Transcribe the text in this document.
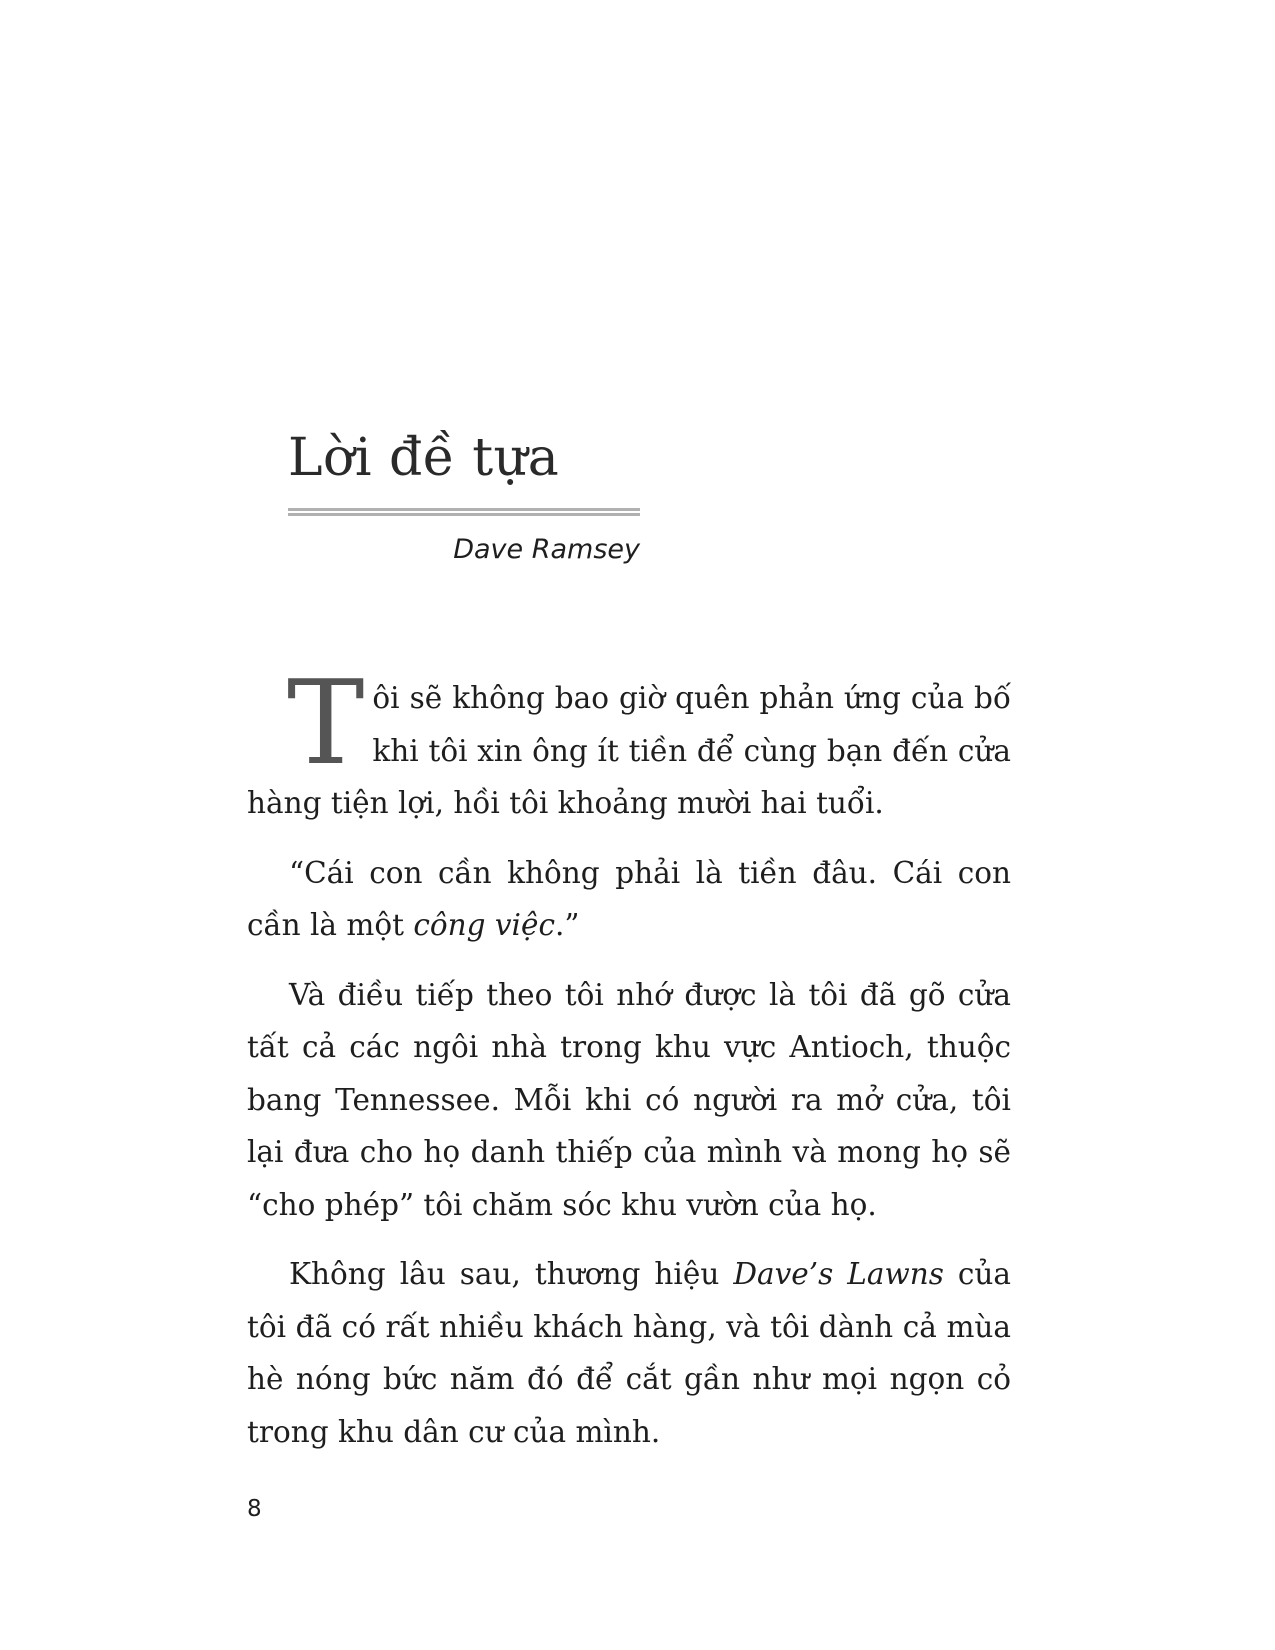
Lời đề tựa
Dave Ramsey

Tôi sẽ không bao giờ quên phản ứng của bố khi tôi xin ông ít tiền để cùng bạn đến cửa hàng tiện lợi, hồi tôi khoảng mười hai tuổi.

“Cái con cần không phải là tiền đâu. Cái con cần là một công việc.”

Và điều tiếp theo tôi nhớ được là tôi đã gõ cửa tất cả các ngôi nhà trong khu vực Antioch, thuộc bang Tennessee. Mỗi khi có người ra mở cửa, tôi lại đưa cho họ danh thiếp của mình và mong họ sẽ “cho phép” tôi chăm sóc khu vườn của họ.

Không lâu sau, thương hiệu Dave’s Lawns của tôi đã có rất nhiều khách hàng, và tôi dành cả mùa hè nóng bức năm đó để cắt gần như mọi ngọn cỏ trong khu dân cư của mình.

8
